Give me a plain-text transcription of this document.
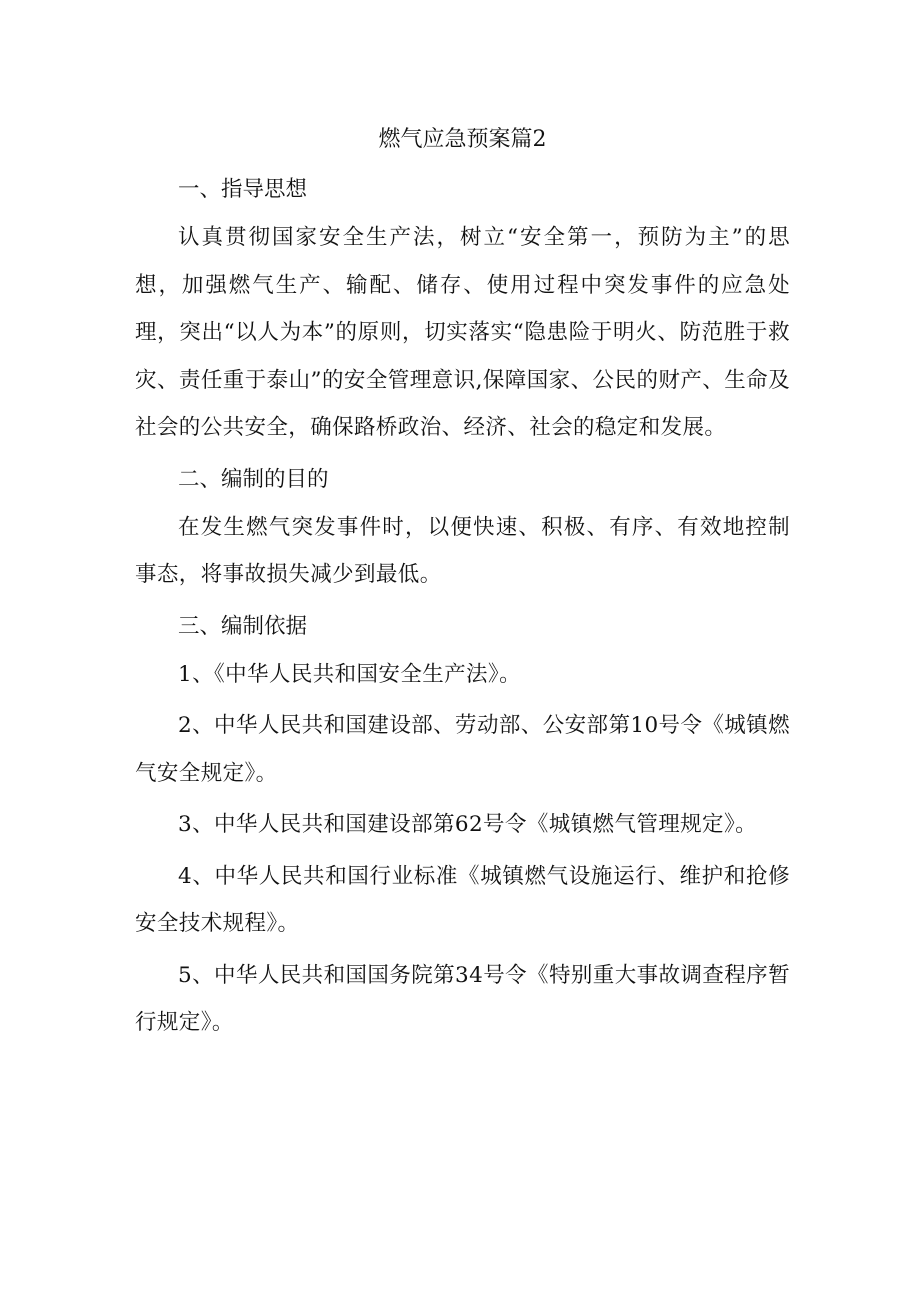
燃气应急预案篇2

一、指导思想

认真贯彻国家安全生产法，树立“安全第一，预防为主”的思想，加强燃气生产、输配、储存、使用过程中突发事件的应急处理，突出“以人为本”的原则，切实落实“隐患险于明火、防范胜于救灾、责任重于泰山”的安全管理意识,保障国家、公民的财产、生命及社会的公共安全，确保路桥政治、经济、社会的稳定和发展。

二、编制的目的

在发生燃气突发事件时，以便快速、积极、有序、有效地控制事态，将事故损失减少到最低。

三、编制依据

1、《中华人民共和国安全生产法》。

2、中华人民共和国建设部、劳动部、公安部第10号令《城镇燃气安全规定》。

3、中华人民共和国建设部第62号令《城镇燃气管理规定》。

4、中华人民共和国行业标准《城镇燃气设施运行、维护和抢修安全技术规程》。

5、中华人民共和国国务院第34号令《特别重大事故调查程序暂行规定》。
